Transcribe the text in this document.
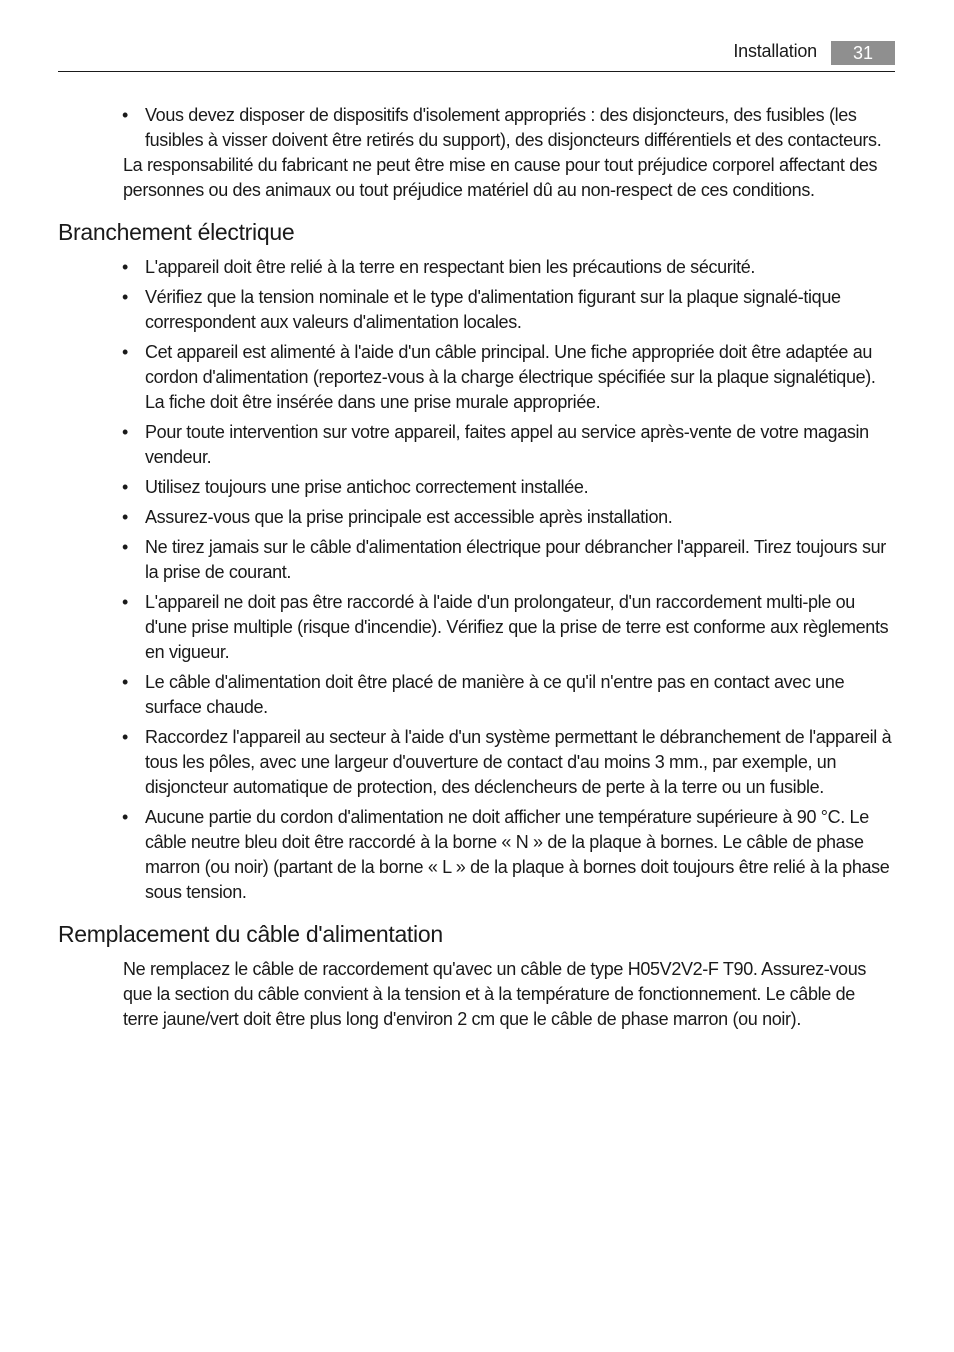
Installation	31
• Vous devez disposer de dispositifs d'isolement appropriés : des disjoncteurs, des fusibles (les fusibles à visser doivent être retirés du support), des disjoncteurs différentiels et des contacteurs.
La responsabilité du fabricant ne peut être mise en cause pour tout préjudice corporel affectant des personnes ou des animaux ou tout préjudice matériel dû au non-respect de ces conditions.
Branchement électrique
• L'appareil doit être relié à la terre en respectant bien les précautions de sécurité.
• Vérifiez que la tension nominale et le type d'alimentation figurant sur la plaque signalé-tique correspondent aux valeurs d'alimentation locales.
• Cet appareil est alimenté à l'aide d'un câble principal. Une fiche appropriée doit être adaptée au cordon d'alimentation (reportez-vous à la charge électrique spécifiée sur la plaque signalétique). La fiche doit être insérée dans une prise murale appropriée.
• Pour toute intervention sur votre appareil, faites appel au service après-vente de votre magasin vendeur.
• Utilisez toujours une prise antichoc correctement installée.
• Assurez-vous que la prise principale est accessible après installation.
• Ne tirez jamais sur le câble d'alimentation électrique pour débrancher l'appareil. Tirez toujours sur la prise de courant.
• L'appareil ne doit pas être raccordé à l'aide d'un prolongateur, d'un raccordement multi-ple ou d'une prise multiple (risque d'incendie). Vérifiez que la prise de terre est conforme aux règlements en vigueur.
• Le câble d'alimentation doit être placé de manière à ce qu'il n'entre pas en contact avec une surface chaude.
• Raccordez l'appareil au secteur à l'aide d'un système permettant le débranchement de l'appareil à tous les pôles, avec une largeur d'ouverture de contact d'au moins 3 mm., par exemple, un disjoncteur automatique de protection, des déclencheurs de perte à la terre ou un fusible.
• Aucune partie du cordon d'alimentation ne doit afficher une température supérieure à 90 °C. Le câble neutre bleu doit être raccordé à la borne « N » de la plaque à bornes. Le câble de phase marron (ou noir) (partant de la borne « L » de la plaque à bornes doit toujours être relié à la phase sous tension.
Remplacement du câble d'alimentation
Ne remplacez le câble de raccordement qu'avec un câble de type H05V2V2-F T90. Assurez-vous que la section du câble convient à la tension et à la température de fonctionnement. Le câble de terre jaune/vert doit être plus long d'environ 2 cm que le câble de phase marron (ou noir).
